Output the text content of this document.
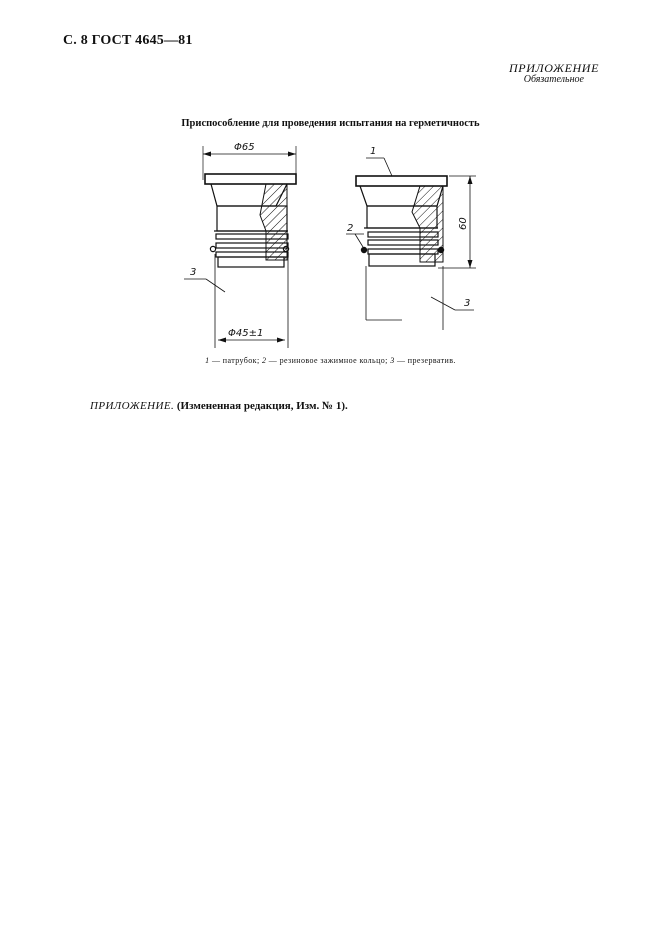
С. 8 ГОСТ 4645—81
ПРИЛОЖЕНИЕ
Обязательное
Приспособление для проведения испытания на герметичность
Φ65
Φ45±1
3
1
2
3
60
1 — патрубок; 2 — резиновое зажимное кольцо; 3 — презерватив.
ПРИЛОЖЕНИЕ. (Измененная редакция, Изм. № 1).
